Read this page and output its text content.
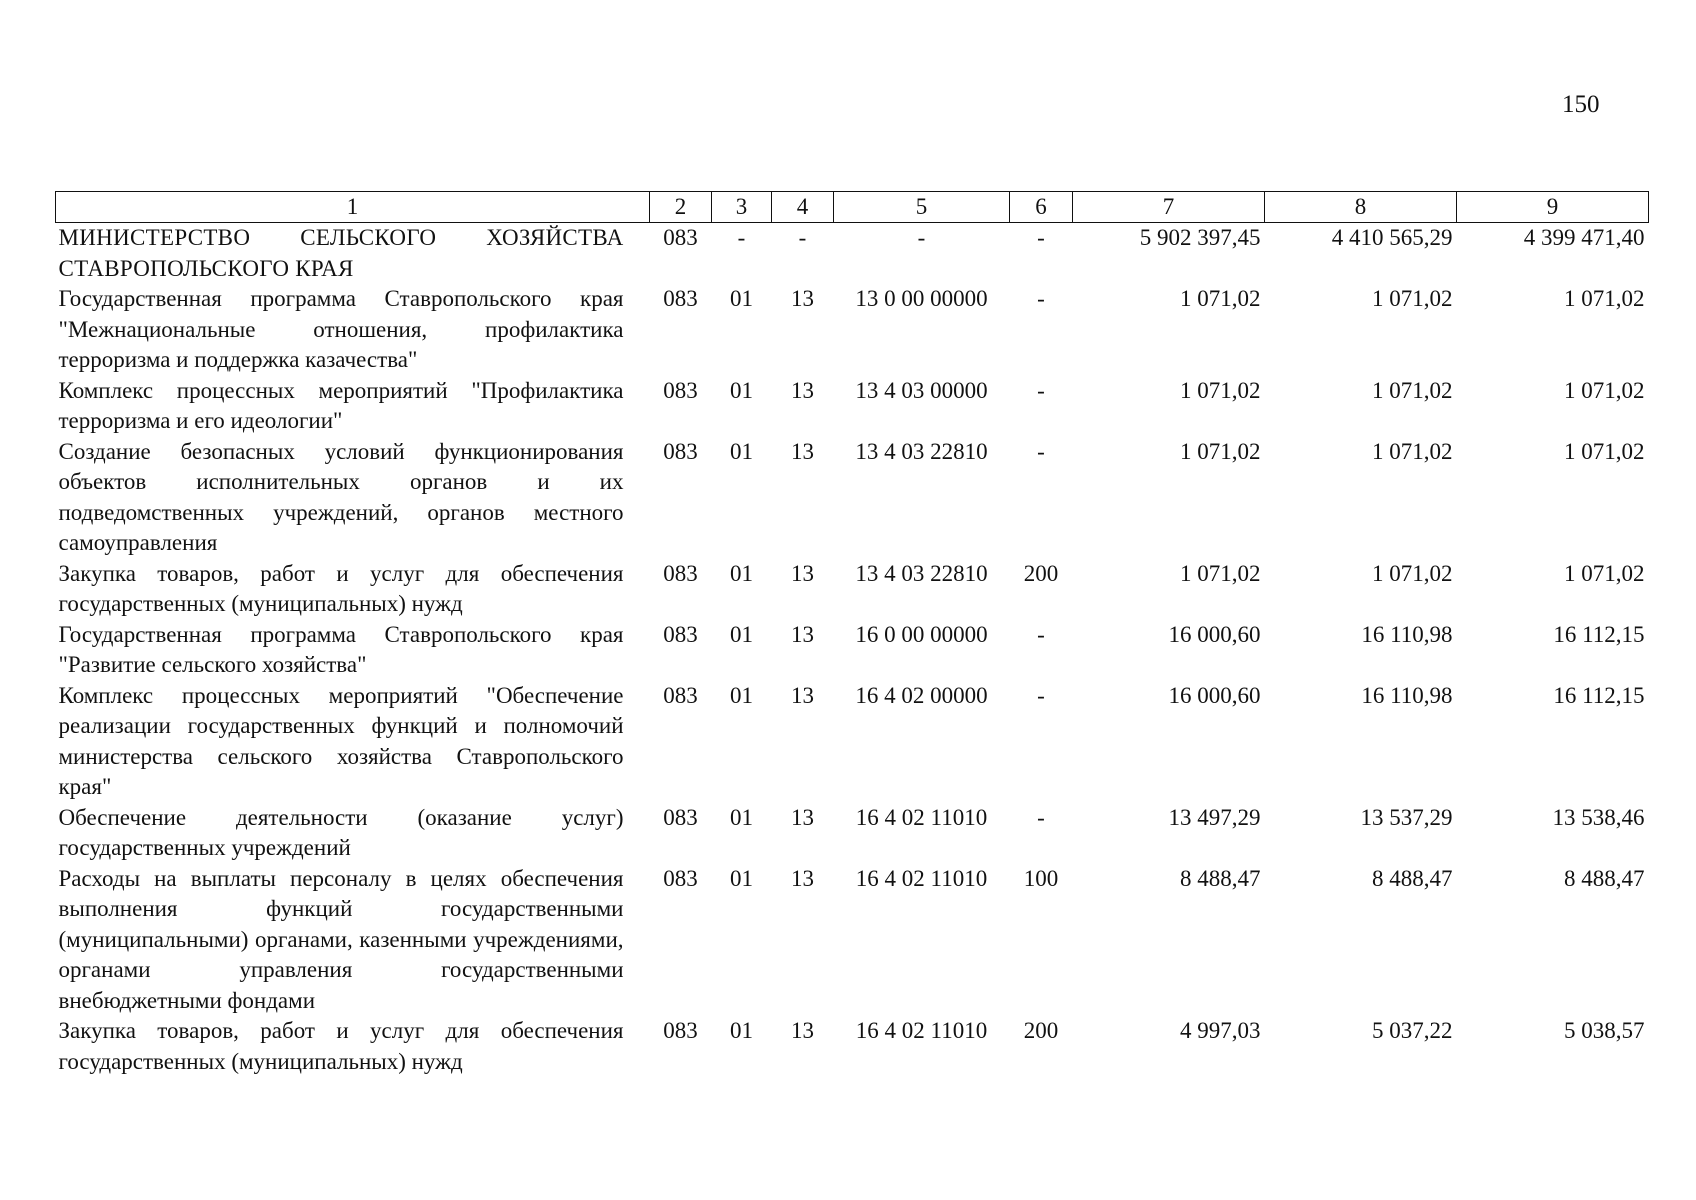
150
1	2	3	4	5	6	7	8	9
МИНИСТЕРСТВО СЕЛЬСКОГО ХОЗЯЙСТВА СТАВРОПОЛЬСКОГО КРАЯ	083	-	-	-	-	5 902 397,45	4 410 565,29	4 399 471,40
Государственная программа Ставропольского края "Межнациональные отношения, профилактика терроризма и поддержка казачества"	083	01	13	13 0 00 00000	-	1 071,02	1 071,02	1 071,02
Комплекс процессных мероприятий "Профилактика терроризма и его идеологии"	083	01	13	13 4 03 00000	-	1 071,02	1 071,02	1 071,02
Создание безопасных условий функционирования объектов исполнительных органов и их подведомственных учреждений, органов местного самоуправления	083	01	13	13 4 03 22810	-	1 071,02	1 071,02	1 071,02
Закупка товаров, работ и услуг для обеспечения государственных (муниципальных) нужд	083	01	13	13 4 03 22810	200	1 071,02	1 071,02	1 071,02
Государственная программа Ставропольского края "Развитие сельского хозяйства"	083	01	13	16 0 00 00000	-	16 000,60	16 110,98	16 112,15
Комплекс процессных мероприятий "Обеспечение реализации государственных функций и полномочий министерства сельского хозяйства Ставропольского края"	083	01	13	16 4 02 00000	-	16 000,60	16 110,98	16 112,15
Обеспечение деятельности (оказание услуг) государственных учреждений	083	01	13	16 4 02 11010	-	13 497,29	13 537,29	13 538,46
Расходы на выплаты персоналу в целях обеспечения выполнения функций государственными (муниципальными) органами, казенными учреждениями, органами управления государственными внебюджетными фондами	083	01	13	16 4 02 11010	100	8 488,47	8 488,47	8 488,47
Закупка товаров, работ и услуг для обеспечения государственных (муниципальных) нужд	083	01	13	16 4 02 11010	200	4 997,03	5 037,22	5 038,57
